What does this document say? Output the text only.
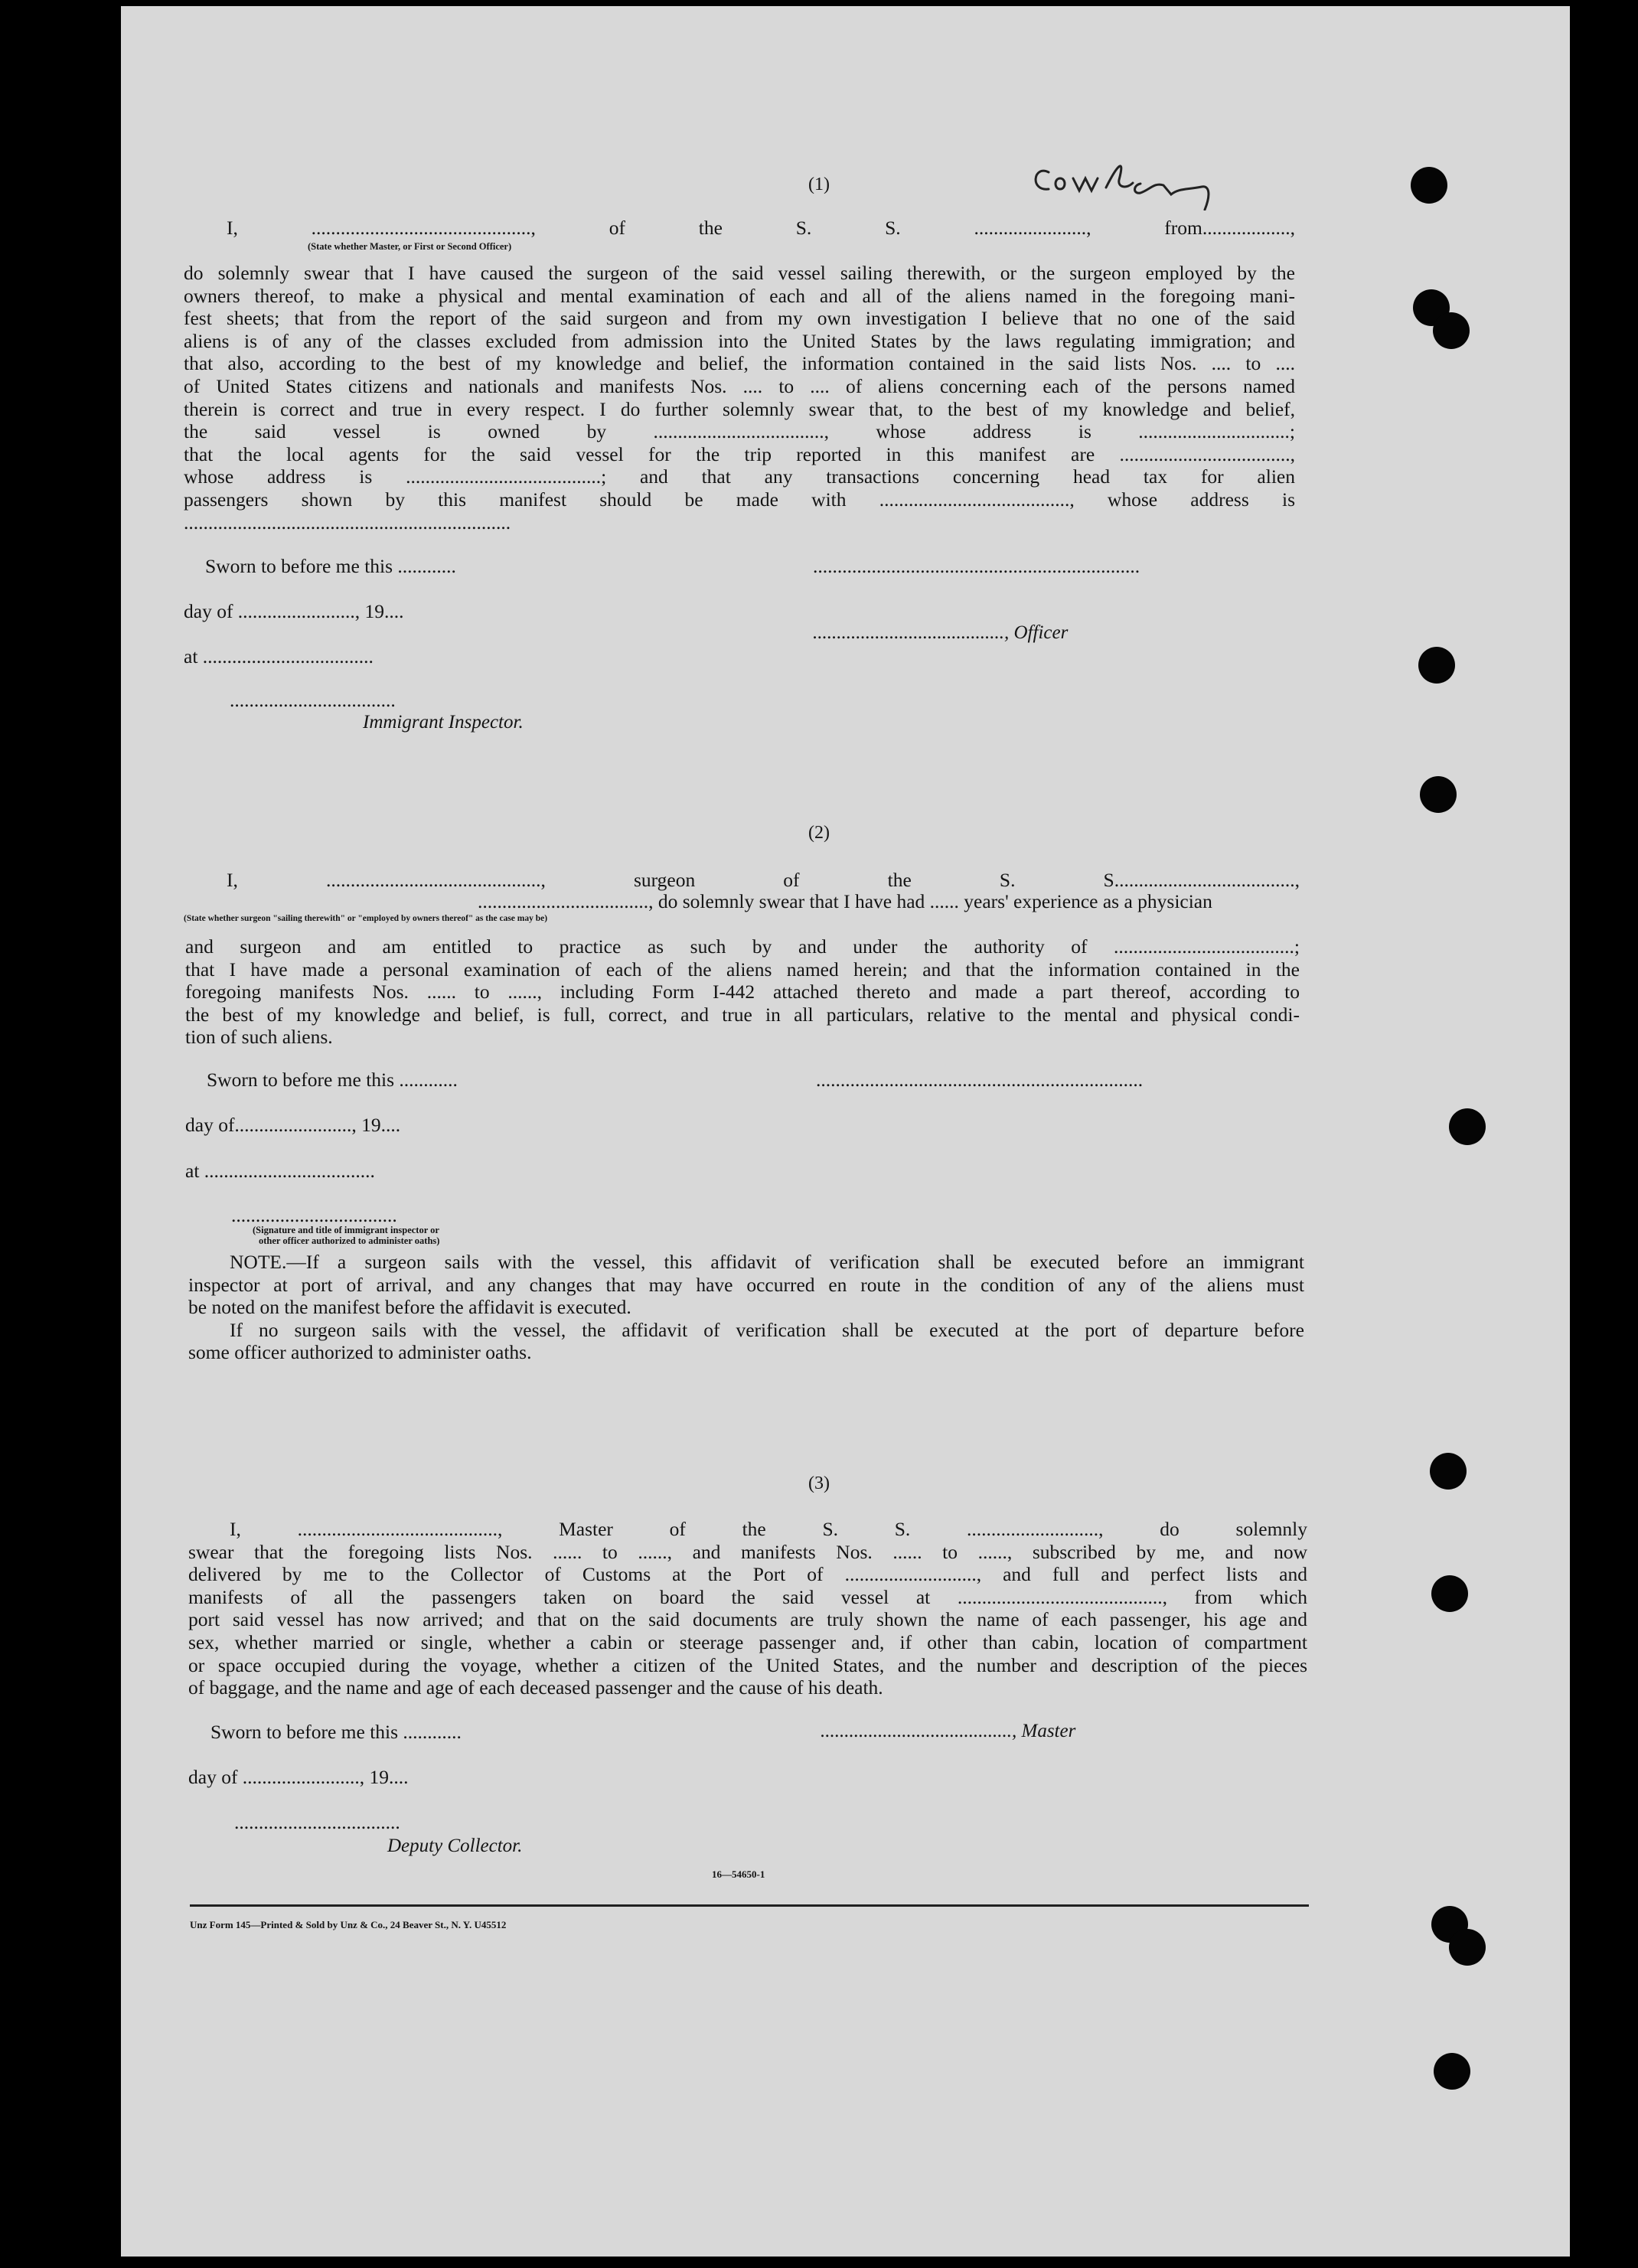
(1)
I, ............................................., of the S. S. ......................., from..................,
(State whether Master, or First or Second Officer)
do solemnly swear that I have caused the surgeon of the said vessel sailing therewith, or the surgeon employed by the
owners thereof, to make a physical and mental examination of each and all of the aliens named in the foregoing mani-
fest sheets; that from the report of the said surgeon and from my own investigation I believe that no one of the said
aliens is of any of the classes excluded from admission into the United States by the laws regulating immigration; and
that also, according to the best of my knowledge and belief, the information contained in the said lists Nos. .... to ....
of United States citizens and nationals and manifests Nos. .... to .... of aliens concerning each of the persons named
therein is correct and true in every respect. I do further solemnly swear that, to the best of my knowledge and belief,
the said vessel is owned by ..................................., whose address is ...............................;
that the local agents for the said vessel for the trip reported in this manifest are ...................................,
whose address is ........................................; and that any transactions concerning head tax for alien
passengers shown by this manifest should be made with ......................................., whose address is
...................................................................
Sworn to before me this ............	...................................................................
day of ........................, 19....
........................................, Officer
at ...................................
..................................
Immigrant Inspector.
(2)
I, ............................................, surgeon of the S. S.....................................,
..................................., do solemnly swear that I have had ...... years' experience as a physician
(State whether surgeon "sailing therewith" or "employed by owners thereof" as the case may be)
and surgeon and am entitled to practice as such by and under the authority of .....................................;
that I have made a personal examination of each of the aliens named herein; and that the information contained in the
foregoing manifests Nos. ...... to ......, including Form I-442 attached thereto and made a part thereof, according to
the best of my knowledge and belief, is full, correct, and true in all particulars, relative to the mental and physical condi-
tion of such aliens.
Sworn to before me this ............	...................................................................
day of........................, 19....
at ...................................
..................................
(Signature and title of immigrant inspector or
other officer authorized to administer oaths)
NOTE.—If a surgeon sails with the vessel, this affidavit of verification shall be executed before an immigrant
inspector at port of arrival, and any changes that may have occurred en route in the condition of any of the aliens must
be noted on the manifest before the affidavit is executed.
If no surgeon sails with the vessel, the affidavit of verification shall be executed at the port of departure before
some officer authorized to administer oaths.
(3)
I, ........................................., Master of the S. S. ..........................., do solemnly
swear that the foregoing lists Nos. ...... to ......, and manifests Nos. ...... to ......, subscribed by me, and now
delivered by me to the Collector of Customs at the Port of ..........................., and full and perfect lists and
manifests of all the passengers taken on board the said vessel at .........................................., from which
port said vessel has now arrived; and that on the said documents are truly shown the name of each passenger, his age and
sex, whether married or single, whether a cabin or steerage passenger and, if other than cabin, location of compartment
or space occupied during the voyage, whether a citizen of the United States, and the number and description of the pieces
of baggage, and the name and age of each deceased passenger and the cause of his death.
Sworn to before me this ............	........................................, Master
day of ........................, 19....
..................................
Deputy Collector.
16—54650-1
Unz Form 145—Printed & Sold by Unz & Co., 24 Beaver St., N. Y. U45512
